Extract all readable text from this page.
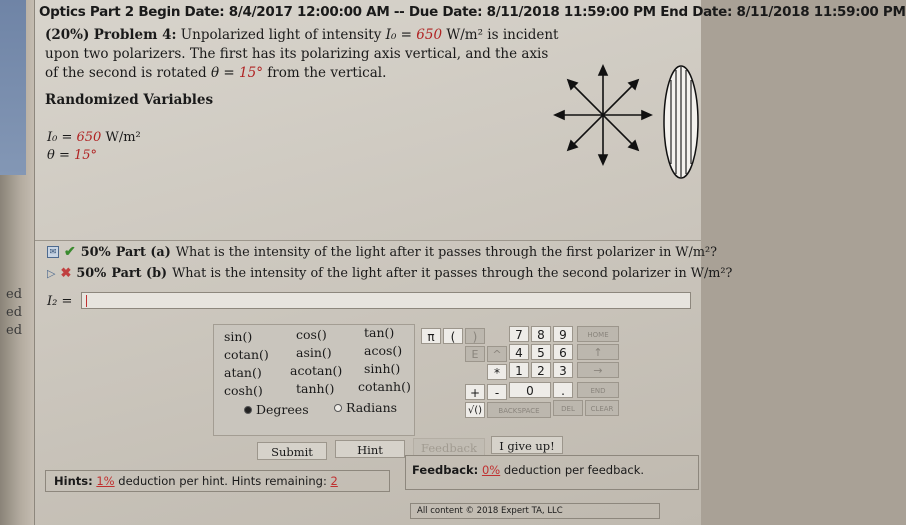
ed
ed
ed
Optics Part 2 Begin Date: 8/4/2017 12:00:00 AM -- Due Date: 8/11/2018 11:59:00 PM End Date: 8/11/2018 11:59:00 PM
(20%) Problem 4: Unpolarized light of intensity I₀ = 650 W/m² is incident upon two polarizers. The first has its polarizing axis vertical, and the axis of the second is rotated θ = 15° from the vertical.
Randomized Variables
I₀ = 650 W/m²
θ = 15°
✉ ✔ 50% Part (a) What is the intensity of the light after it passes through the first polarizer in W/m²?
▷ ✖ 50% Part (b) What is the intensity of the light after it passes through the second polarizer in W/m²?
I₂ =
sin()	cos()	tan()
cotan() asin()	acos()
atan() acotan() sinh()
cosh()	tanh() cotanh()
Degrees	Radians
π	(	)	7	8	9	HOME
E	^	4	5	6	↑
*	1	2	3	→
+	-	0	.	END
√()	BACKSPACE	DEL	CLEAR
Submit	Hint	Feedback	I give up!
Hints: 1% deduction per hint. Hints remaining: 2
Feedback: 0% deduction per feedback.
All content © 2018 Expert TA, LLC
